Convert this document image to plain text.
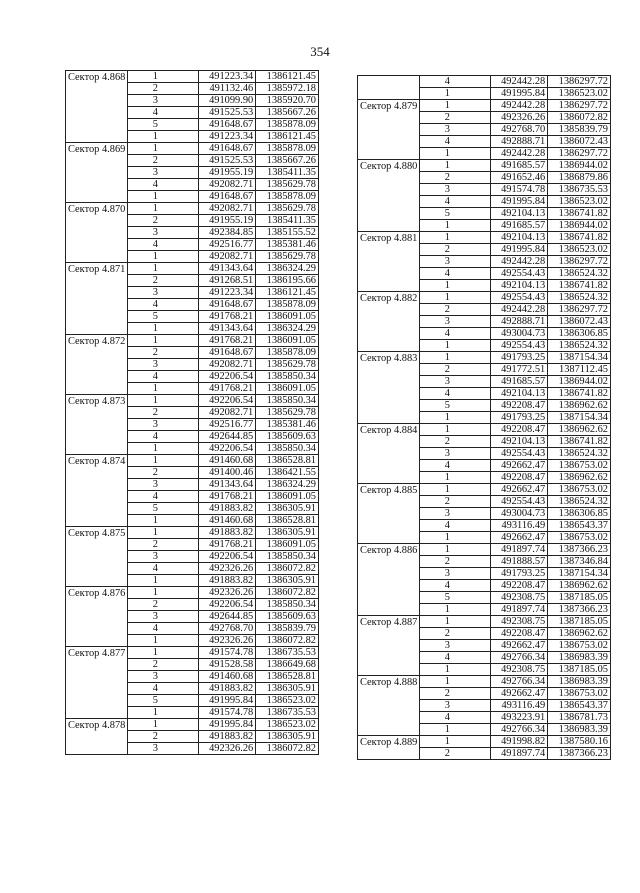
354
Сектор 4.868	1	491223.34	1386121.45
	2	491132.46	1385972.18
	3	491099.90	1385920.70
	4	491525.53	1385667.26
	5	491648.67	1385878.09
	1	491223.34	1386121.45
Сектор 4.869	1	491648.67	1385878.09
	2	491525.53	1385667.26
	3	491955.19	1385411.35
	4	492082.71	1385629.78
	1	491648.67	1385878.09
Сектор 4.870	1	492082.71	1385629.78
	2	491955.19	1385411.35
	3	492384.85	1385155.52
	4	492516.77	1385381.46
	1	492082.71	1385629.78
Сектор 4.871	1	491343.64	1386324.29
	2	491268.51	1386195.66
	3	491223.34	1386121.45
	4	491648.67	1385878.09
	5	491768.21	1386091.05
	1	491343.64	1386324.29
Сектор 4.872	1	491768.21	1386091.05
	2	491648.67	1385878.09
	3	492082.71	1385629.78
	4	492206.54	1385850.34
	1	491768.21	1386091.05
Сектор 4.873	1	492206.54	1385850.34
	2	492082.71	1385629.78
	3	492516.77	1385381.46
	4	492644.85	1385609.63
	1	492206.54	1385850.34
Сектор 4.874	1	491460.68	1386528.81
	2	491400.46	1386421.55
	3	491343.64	1386324.29
	4	491768.21	1386091.05
	5	491883.82	1386305.91
	1	491460.68	1386528.81
Сектор 4.875	1	491883.82	1386305.91
	2	491768.21	1386091.05
	3	492206.54	1385850.34
	4	492326.26	1386072.82
	1	491883.82	1386305.91
Сектор 4.876	1	492326.26	1386072.82
	2	492206.54	1385850.34
	3	492644.85	1385609.63
	4	492768.70	1385839.79
	1	492326.26	1386072.82
Сектор 4.877	1	491574.78	1386735.53
	2	491528.58	1386649.68
	3	491460.68	1386528.81
	4	491883.82	1386305.91
	5	491995.84	1386523.02
	1	491574.78	1386735.53
Сектор 4.878	1	491995.84	1386523.02
	2	491883.82	1386305.91
	3	492326.26	1386072.82
	4	492442.28	1386297.72
	1	491995.84	1386523.02
Сектор 4.879	1	492442.28	1386297.72
	2	492326.26	1386072.82
	3	492768.70	1385839.79
	4	492888.71	1386072.43
	1	492442.28	1386297.72
Сектор 4.880	1	491685.57	1386944.02
	2	491652.46	1386879.86
	3	491574.78	1386735.53
	4	491995.84	1386523.02
	5	492104.13	1386741.82
	1	491685.57	1386944.02
Сектор 4.881	1	492104.13	1386741.82
	2	491995.84	1386523.02
	3	492442.28	1386297.72
	4	492554.43	1386524.32
	1	492104.13	1386741.82
Сектор 4.882	1	492554.43	1386524.32
	2	492442.28	1386297.72
	3	492888.71	1386072.43
	4	493004.73	1386306.85
	1	492554.43	1386524.32
Сектор 4.883	1	491793.25	1387154.34
	2	491772.51	1387112.45
	3	491685.57	1386944.02
	4	492104.13	1386741.82
	5	492208.47	1386962.62
	1	491793.25	1387154.34
Сектор 4.884	1	492208.47	1386962.62
	2	492104.13	1386741.82
	3	492554.43	1386524.32
	4	492662.47	1386753.02
	1	492208.47	1386962.62
Сектор 4.885	1	492662.47	1386753.02
	2	492554.43	1386524.32
	3	493004.73	1386306.85
	4	493116.49	1386543.37
	1	492662.47	1386753.02
Сектор 4.886	1	491897.74	1387366.23
	2	491888.57	1387346.84
	3	491793.25	1387154.34
	4	492208.47	1386962.62
	5	492308.75	1387185.05
	1	491897.74	1387366.23
Сектор 4.887	1	492308.75	1387185.05
	2	492208.47	1386962.62
	3	492662.47	1386753.02
	4	492766.34	1386983.39
	1	492308.75	1387185.05
Сектор 4.888	1	492766.34	1386983.39
	2	492662.47	1386753.02
	3	493116.49	1386543.37
	4	493223.91	1386781.73
	1	492766.34	1386983.39
Сектор 4.889	1	491998.82	1387580.16
	2	491897.74	1387366.23
